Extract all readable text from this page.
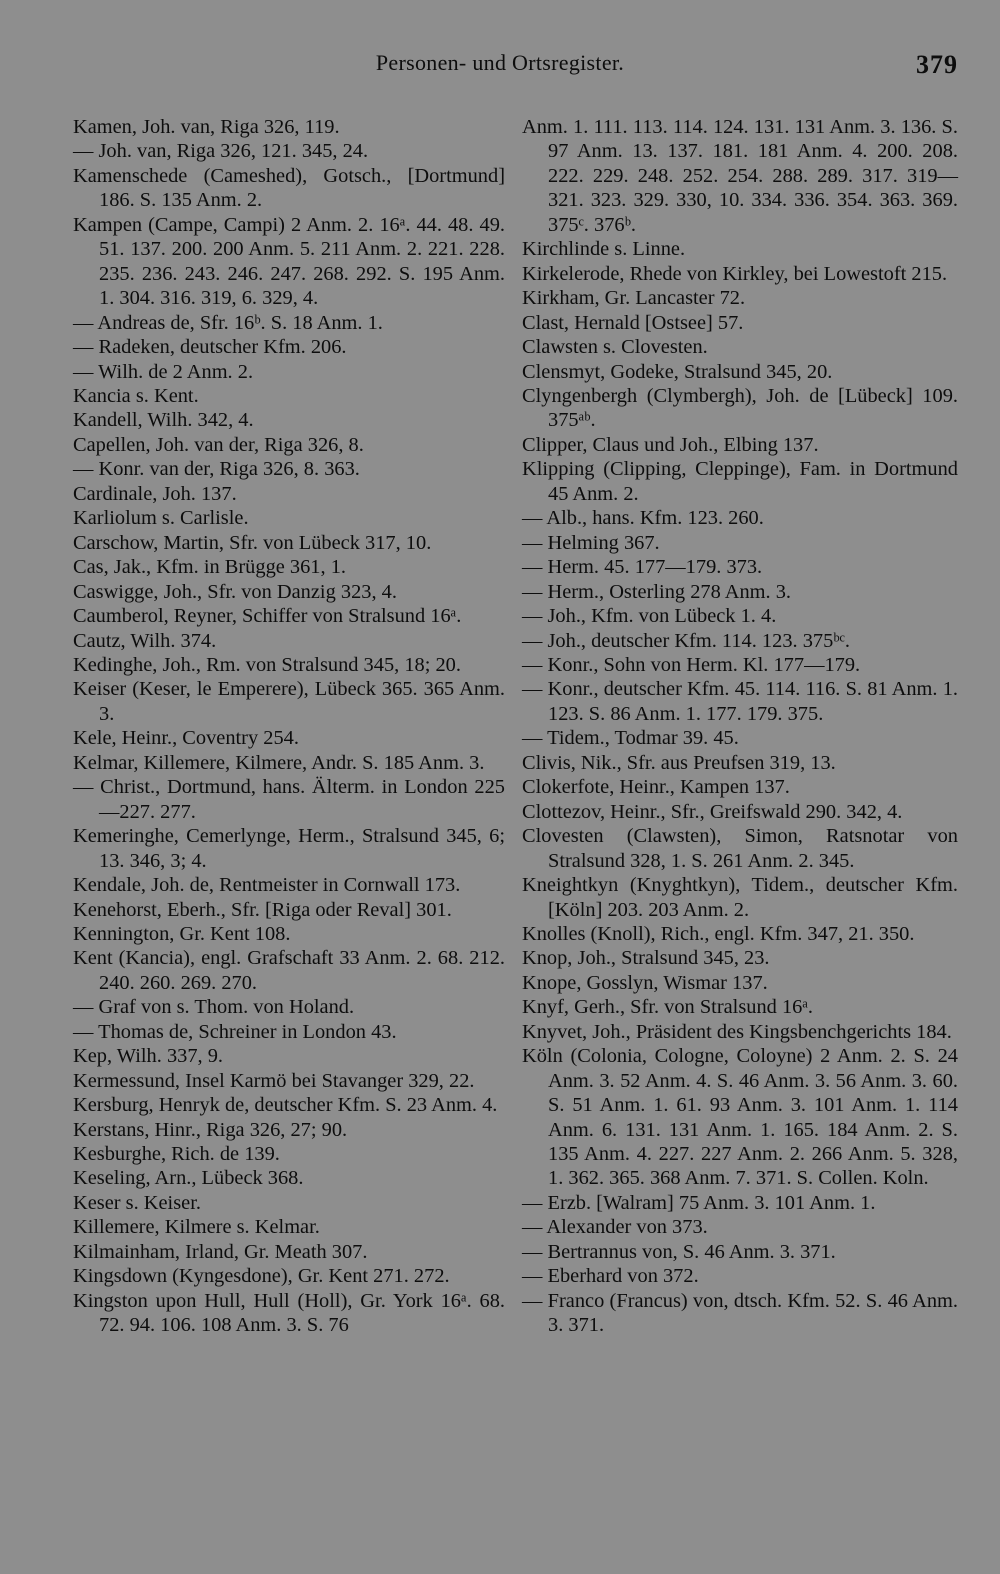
Personen- und Ortsregister.	379

Kamen, Joh. van, Riga 326, 119.

— Joh. van, Riga 326, 121. 345, 24.

Kamenschede (Cameshed), Gotsch., [Dortmund] 186. S. 135 Anm. 2.

Kampen (Campe, Campi) 2 Anm. 2. 16ᵃ. 44. 48. 49. 51. 137. 200. 200 Anm. 5. 211 Anm. 2. 221. 228. 235. 236. 243. 246. 247. 268. 292. S. 195 Anm. 1. 304. 316. 319, 6. 329, 4.

— Andreas de, Sfr. 16ᵇ. S. 18 Anm. 1.

— Radeken, deutscher Kfm. 206.

— Wilh. de 2 Anm. 2.

Kancia s. Kent.

Kandell, Wilh. 342, 4.

Capellen, Joh. van der, Riga 326, 8.

— Konr. van der, Riga 326, 8. 363.

Cardinale, Joh. 137.

Karliolum s. Carlisle.

Carschow, Martin, Sfr. von Lübeck 317, 10.

Cas, Jak., Kfm. in Brügge 361, 1.

Caswigge, Joh., Sfr. von Danzig 323, 4.

Caumberol, Reyner, Schiffer von Stralsund 16ᵃ.

Cautz, Wilh. 374.

Kedinghe, Joh., Rm. von Stralsund 345, 18; 20.

Keiser (Keser, le Emperere), Lübeck 365. 365 Anm. 3.

Kele, Heinr., Coventry 254.

Kelmar, Killemere, Kilmere, Andr. S. 185 Anm. 3.

— Christ., Dortmund, hans. Älterm. in London 225—227. 277.

Kemeringhe, Cemerlynge, Herm., Stralsund 345, 6; 13. 346, 3; 4.

Kendale, Joh. de, Rentmeister in Cornwall 173.

Kenehorst, Eberh., Sfr. [Riga oder Reval] 301.

Kennington, Gr. Kent 108.

Kent (Kancia), engl. Grafschaft 33 Anm. 2. 68. 212. 240. 260. 269. 270.

— Graf von s. Thom. von Holand.

— Thomas de, Schreiner in London 43.

Kep, Wilh. 337, 9.

Kermessund, Insel Karmö bei Stavanger 329, 22.

Kersburg, Henryk de, deutscher Kfm. S. 23 Anm. 4.

Kerstans, Hinr., Riga 326, 27; 90.

Kesburghe, Rich. de 139.

Keseling, Arn., Lübeck 368.

Keser s. Keiser.

Killemere, Kilmere s. Kelmar.

Kilmainham, Irland, Gr. Meath 307.

Kingsdown (Kyngesdone), Gr. Kent 271. 272.

Kingston upon Hull, Hull (Holl), Gr. York 16ᵃ. 68. 72. 94. 106. 108 Anm. 3. S. 76

Anm. 1. 111. 113. 114. 124. 131. 131 Anm. 3. 136. S. 97 Anm. 13. 137. 181. 181 Anm. 4. 200. 208. 222. 229. 248. 252. 254. 288. 289. 317. 319—321. 323. 329. 330, 10. 334. 336. 354. 363. 369. 375ᶜ. 376ᵇ.

Kirchlinde s. Linne.

Kirkelerode, Rhede von Kirkley, bei Lowestoft 215.

Kirkham, Gr. Lancaster 72.

Clast, Hernald [Ostsee] 57.

Clawsten s. Clovesten.

Clensmyt, Godeke, Stralsund 345, 20.

Clyngenbergh (Clymbergh), Joh. de [Lübeck] 109. 375ᵃᵇ.

Clipper, Claus und Joh., Elbing 137.

Klipping (Clipping, Cleppinge), Fam. in Dortmund 45 Anm. 2.

— Alb., hans. Kfm. 123. 260.

— Helming 367.

— Herm. 45. 177—179. 373.

— Herm., Osterling 278 Anm. 3.

— Joh., Kfm. von Lübeck 1. 4.

— Joh., deutscher Kfm. 114. 123. 375ᵇᶜ.

— Konr., Sohn von Herm. Kl. 177—179.

— Konr., deutscher Kfm. 45. 114. 116. S. 81 Anm. 1. 123. S. 86 Anm. 1. 177. 179. 375.

— Tidem., Todmar 39. 45.

Clivis, Nik., Sfr. aus Preufsen 319, 13.

Clokerfote, Heinr., Kampen 137.

Clottezov, Heinr., Sfr., Greifswald 290. 342, 4.

Clovesten (Clawsten), Simon, Ratsnotar von Stralsund 328, 1. S. 261 Anm. 2. 345.

Kneightkyn (Knyghtkyn), Tidem., deutscher Kfm. [Köln] 203. 203 Anm. 2.

Knolles (Knoll), Rich., engl. Kfm. 347, 21. 350.

Knop, Joh., Stralsund 345, 23.

Knope, Gosslyn, Wismar 137.

Knyf, Gerh., Sfr. von Stralsund 16ᵃ.

Knyvet, Joh., Präsident des Kingsbenchgerichts 184.

Köln (Colonia, Cologne, Coloyne) 2 Anm. 2. S. 24 Anm. 3. 52 Anm. 4. S. 46 Anm. 3. 56 Anm. 3. 60. S. 51 Anm. 1. 61. 93 Anm. 3. 101 Anm. 1. 114 Anm. 6. 131. 131 Anm. 1. 165. 184 Anm. 2. S. 135 Anm. 4. 227. 227 Anm. 2. 266 Anm. 5. 328, 1. 362. 365. 368 Anm. 7. 371. S. Collen. Koln.

— Erzb. [Walram] 75 Anm. 3. 101 Anm. 1.

— Alexander von 373.

— Bertrannus von, S. 46 Anm. 3. 371.

— Eberhard von 372.

— Franco (Francus) von, dtsch. Kfm. 52. S. 46 Anm. 3. 371.
